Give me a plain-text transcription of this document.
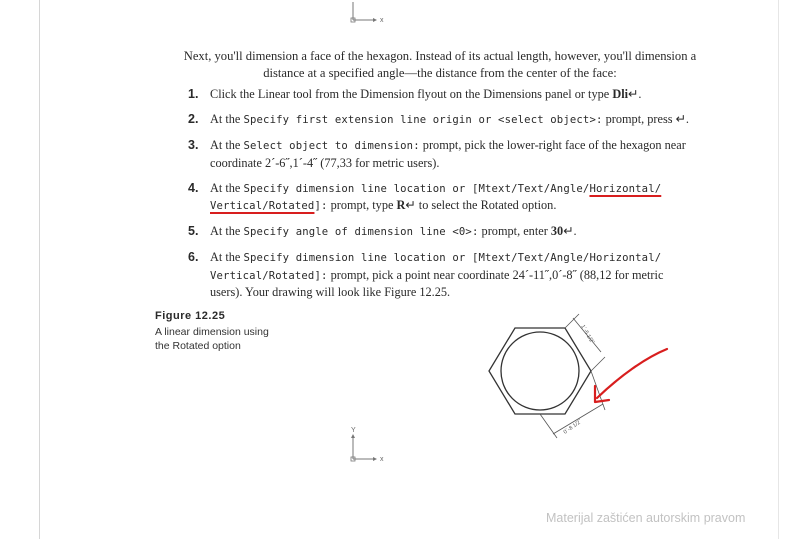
x
Next, you'll dimension a face of the hexagon. Instead of its actual length, however, you'll dimension a distance at a specified angle—the distance from the center of the face:
1. Click the Linear tool from the Dimension flyout on the Dimensions panel or type Dli↵.
2. At the Specify first extension line origin or <select object>: prompt, press ↵.
3. At the Select object to dimension: prompt, pick the lower-right face of the hexagon near coordinate 2´-6˝,1´-4˝ (77,33 for metric users).
4. At the Specify dimension line location or [Mtext/Text/Angle/Horizontal/ Vertical/Rotated]: prompt, type R↵ to select the Rotated option.
5. At the Specify angle of dimension line <0>: prompt, enter 30↵.
6. At the Specify dimension line location or [Mtext/Text/Angle/Horizontal/ Vertical/Rotated]: prompt, pick a point near coordinate 24´-11˝,0´-8˝ (88,12 for metric users). Your drawing will look like Figure 12.25.
Figure 12.25
A linear dimension using the Rotated option
1´-5 1/2˝
0´-8 1/2˝
Y
x
Materijal zaštićen autorskim pravom
